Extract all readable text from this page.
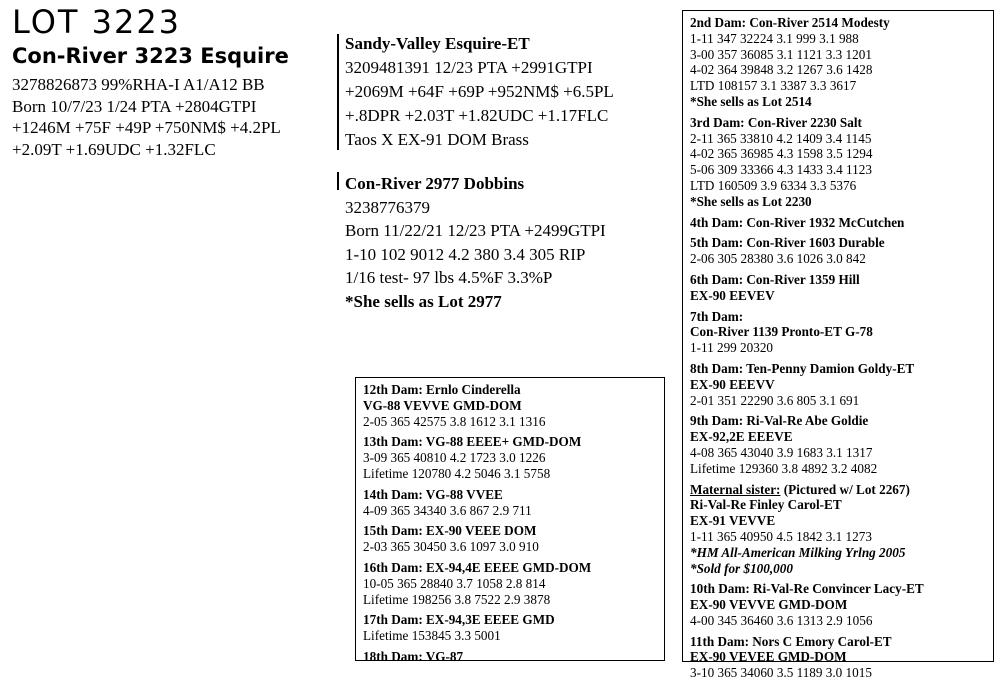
LOT 3223
Con-River 3223 Esquire
3278826873 99%RHA-I A1/A12 BB
Born 10/7/23 1/24 PTA +2804GTPI
+1246M +75F +49P +750NM$ +4.2PL
+2.09T +1.69UDC +1.32FLC
Sandy-Valley Esquire-ET
3209481391 12/23 PTA +2991GTPI
+2069M +64F +69P +952NM$ +6.5PL
+.8DPR +2.03T +1.82UDC +1.17FLC
Taos X EX-91 DOM Brass
Con-River 2977 Dobbins
3238776379
Born 11/22/21 12/23 PTA +2499GTPI
1-10 102 9012 4.2 380 3.4 305 RIP
1/16 test- 97 lbs 4.5%F 3.3%P
*She sells as Lot 2977
12th Dam: Ernlo Cinderella
VG-88 VEVVE GMD-DOM
2-05 365 42575 3.8 1612 3.1 1316
13th Dam: VG-88 EEEE+ GMD-DOM
3-09 365 40810 4.2 1723 3.0 1226
Lifetime 120780 4.2 5046 3.1 5758
14th Dam: VG-88 VVEE
4-09 365 34340 3.6 867 2.9 711
15th Dam: EX-90 VEEE DOM
2-03 365 30450 3.6 1097 3.0 910
16th Dam: EX-94,4E EEEE GMD-DOM
10-05 365 28840 3.7 1058 2.8 814
Lifetime 198256 3.8 7522 2.9 3878
17th Dam: EX-94,3E EEEE GMD
Lifetime 153845 3.3 5001
18th Dam: VG-87
2nd Dam: Con-River 2514 Modesty
1-11 347 32224 3.1 999 3.1 988
3-00 357 36085 3.1 1121 3.3 1201
4-02 364 39848 3.2 1267 3.6 1428
LTD 108157 3.1 3387 3.3 3617
*She sells as Lot 2514
3rd Dam: Con-River 2230 Salt
2-11 365 33810 4.2 1409 3.4 1145
4-02 365 36985 4.3 1598 3.5 1294
5-06 309 33366 4.3 1433 3.4 1123
LTD 160509 3.9 6334 3.3 5376
*She sells as Lot 2230
4th Dam: Con-River 1932 McCutchen
5th Dam: Con-River 1603 Durable
2-06 305 28380 3.6 1026 3.0 842
6th Dam: Con-River 1359 Hill
EX-90 EEVEV
7th Dam:
Con-River 1139 Pronto-ET G-78
1-11 299 20320
8th Dam: Ten-Penny Damion Goldy-ET
EX-90 EEEVV
2-01 351 22290 3.6 805 3.1 691
9th Dam: Ri-Val-Re Abe Goldie
EX-92,2E EEEVE
4-08 365 43040 3.9 1683 3.1 1317
Lifetime 129360 3.8 4892 3.2 4082
Maternal sister: (Pictured w/ Lot 2267)
Ri-Val-Re Finley Carol-ET
EX-91 VEVVE
1-11 365 40950 4.5 1842 3.1 1273
*HM All-American Milking Yrlng 2005
*Sold for $100,000
10th Dam: Ri-Val-Re Convincer Lacy-ET
EX-90 VEVVE GMD-DOM
4-00 345 36460 3.6 1313 2.9 1056
11th Dam: Nors C Emory Carol-ET
EX-90 VEVEE GMD-DOM
3-10 365 34060 3.5 1189 3.0 1015
